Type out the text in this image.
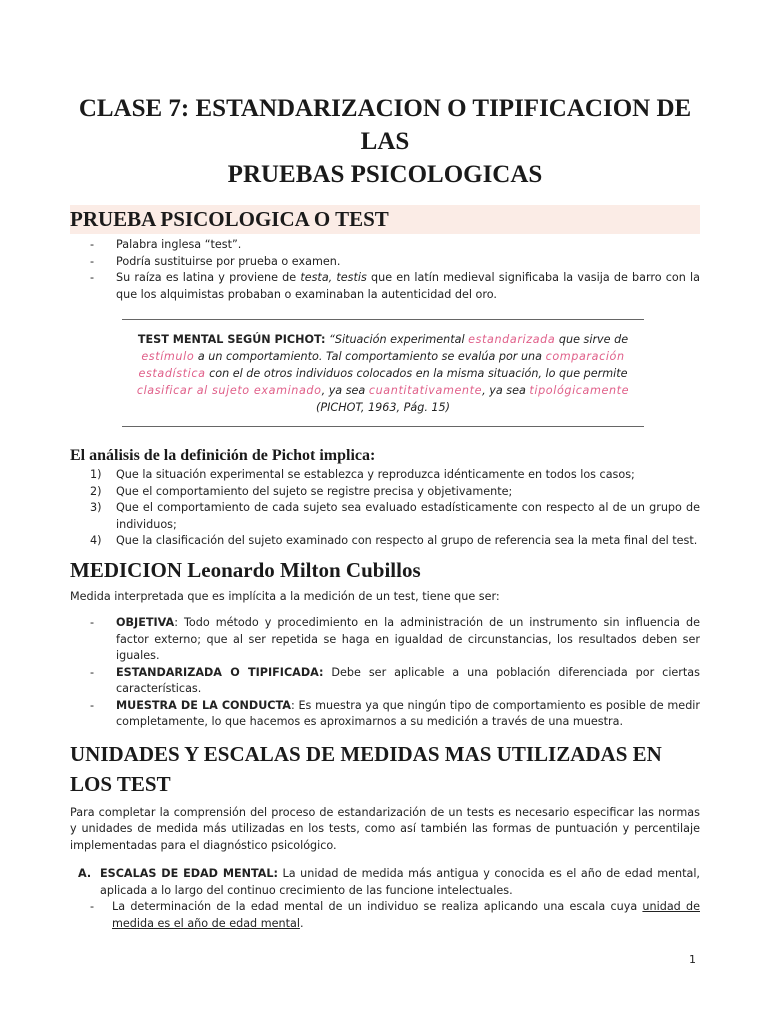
CLASE 7: ESTANDARIZACION O TIPIFICACION DE LAS
PRUEBAS PSICOLOGICAS
PRUEBA PSICOLOGICA O TEST
- Palabra inglesa “test”.
- Podría sustituirse por prueba o examen.
- Su raíza es latina y proviene de testa, testis que en latín medieval significaba la vasija de barro con la que los alquimistas probaban o examinaban la autenticidad del oro.
TEST MENTAL SEGÚN PICHOT: “Situación experimental estandarizada que sirve de estímulo a un comportamiento. Tal comportamiento se evalúa por una comparación estadística con el de otros individuos colocados en la misma situación, lo que permite clasificar al sujeto examinado, ya sea cuantitativamente, ya sea tipológicamente
(PICHOT, 1963, Pág. 15)
El análisis de la definición de Pichot implica:
1) Que la situación experimental se establezca y reproduzca idénticamente en todos los casos;
2) Que el comportamiento del sujeto se registre precisa y objetivamente;
3) Que el comportamiento de cada sujeto sea evaluado estadísticamente con respecto al de un grupo de individuos;
4) Que la clasificación del sujeto examinado con respecto al grupo de referencia sea la meta final del test.
MEDICION Leonardo Milton Cubillos

Medida interpretada que es implícita a la medición de un test, tiene que ser:

- OBJETIVA: Todo método y procedimiento en la administración de un instrumento sin influencia de factor externo; que al ser repetida se haga en igualdad de circunstancias, los resultados deben ser iguales.
- ESTANDARIZADA O TIPIFICADA: Debe ser aplicable a una población diferenciada por ciertas características.
- MUESTRA DE LA CONDUCTA: Es muestra ya que ningún tipo de comportamiento es posible de medir completamente, lo que hacemos es aproximarnos a su medición a través de una muestra.
UNIDADES Y ESCALAS DE MEDIDAS MAS UTILIZADAS EN LOS TEST

Para completar la comprensión del proceso de estandarización de un tests es necesario especificar las normas y unidades de medida más utilizadas en los tests, como así también las formas de puntuación y percentilaje implementadas para el diagnóstico psicológico.

A. ESCALAS DE EDAD MENTAL: La unidad de medida más antigua y conocida es el año de edad mental, aplicada a lo largo del continuo crecimiento de las funcione intelectuales.
- La determinación de la edad mental de un individuo se realiza aplicando una escala cuya unidad de medida es el año de edad mental.
1
